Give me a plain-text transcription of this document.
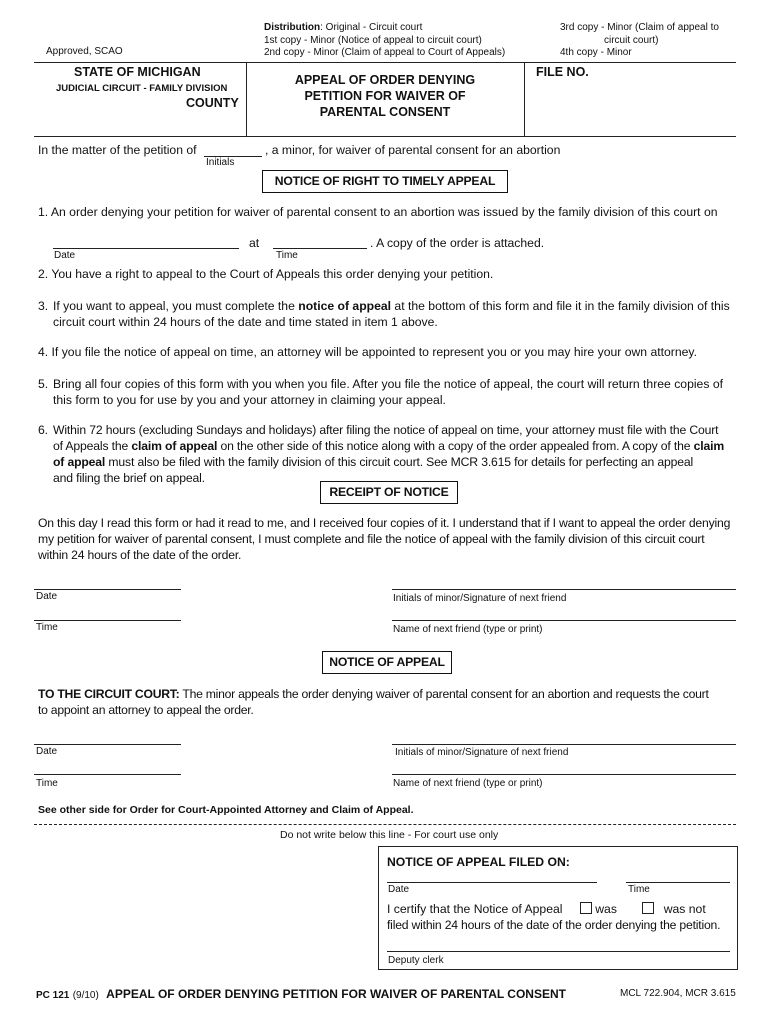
Approved, SCAO
Distribution: Original - Circuit court
1st copy - Minor (Notice of appeal to circuit court)
2nd copy - Minor (Claim of appeal to Court of Appeals)
3rd copy - Minor (Claim of appeal to
circuit court)
4th copy - Minor
STATE OF MICHIGAN
JUDICIAL CIRCUIT - FAMILY DIVISION
COUNTY
APPEAL OF ORDER DENYING
PETITION FOR WAIVER OF
PARENTAL CONSENT
FILE NO.
In the matter of the petition of	, a minor, for waiver of parental consent for an abortion
Initials
NOTICE OF RIGHT TO TIMELY APPEAL
1. An order denying your petition for waiver of parental consent to an abortion was issued by the family division of this court on
at	. A copy of the order is attached.
Date	Time
2. You have a right to appeal to the Court of Appeals this order denying your petition.
3. If you want to appeal, you must complete the notice of appeal at the bottom of this form and file it in the family division of this
circuit court within 24 hours of the date and time stated in item 1 above.
4. If you file the notice of appeal on time, an attorney will be appointed to represent you or you may hire your own attorney.
5. Bring all four copies of this form with you when you file. After you file the notice of appeal, the court will return three copies of
this form to you for use by you and your attorney in claiming your appeal.
6. Within 72 hours (excluding Sundays and holidays) after filing the notice of appeal on time, your attorney must file with the Court
of Appeals the claim of appeal on the other side of this notice along with a copy of the order appealed from. A copy of the claim
of appeal must also be filed with the family division of this circuit court. See MCR 3.615 for details for perfecting an appeal
and filing the brief on appeal.
RECEIPT OF NOTICE
On this day I read this form or had it read to me, and I received four copies of it. I understand that if I want to appeal the order denying
my petition for waiver of parental consent, I must complete and file the notice of appeal with the family division of this circuit court
within 24 hours of the date of the order.
Date	Initials of minor/Signature of next friend
Time	Name of next friend (type or print)
NOTICE OF APPEAL
TO THE CIRCUIT COURT: The minor appeals the order denying waiver of parental consent for an abortion and requests the court
to appoint an attorney to appeal the order.
Date	Initials of minor/Signature of next friend
Time	Name of next friend (type or print)
See other side for Order for Court-Appointed Attorney and Claim of Appeal.
Do not write below this line - For court use only
NOTICE OF APPEAL FILED ON:
Date	Time
I certify that the Notice of Appeal	was	was not
filed within 24 hours of the date of the order denying the petition.
Deputy clerk
PC 121 (9/10) APPEAL OF ORDER DENYING PETITION FOR WAIVER OF PARENTAL CONSENT	MCL 722.904, MCR 3.615
